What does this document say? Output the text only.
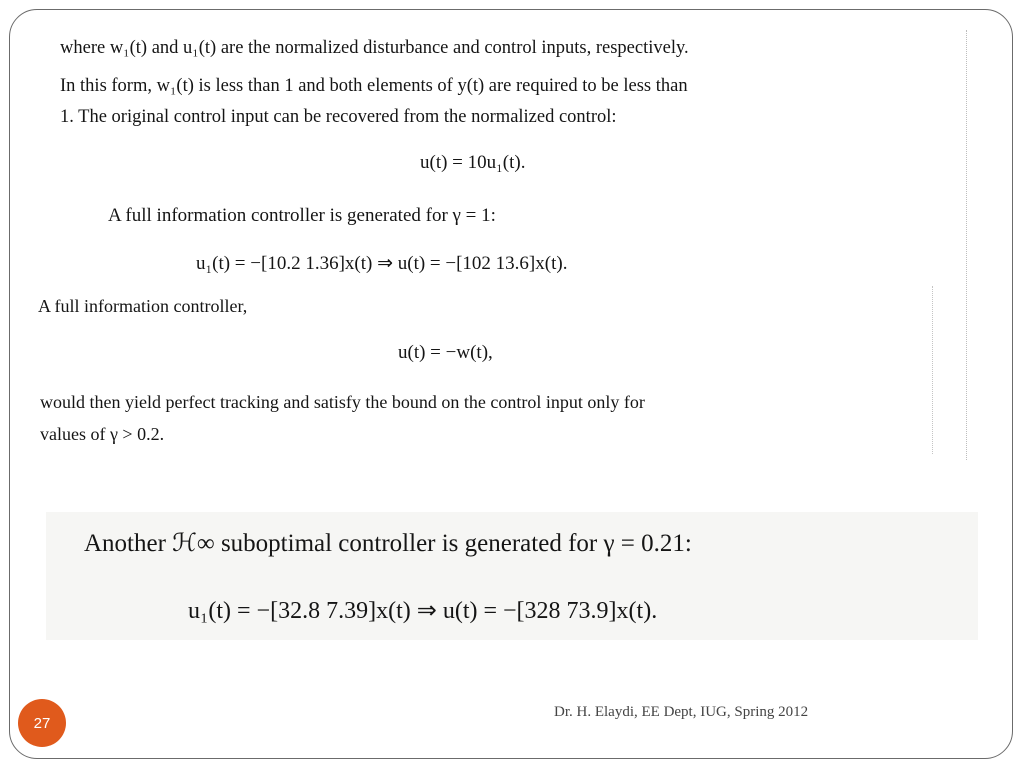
where w₁(t) and u₁(t) are the normalized disturbance and control inputs, respectively.
In this form, w₁(t) is less than 1 and both elements of y(t) are required to be less than
1. The original control input can be recovered from the normalized control:
u(t) = 10u₁(t).
A full information controller is generated for γ = 1:
u₁(t) = −[10.2 1.36]x(t) ⇒ u(t) = −[102 13.6]x(t).
A full information controller,
u(t) = −w(t),
would then yield perfect tracking and satisfy the bound on the control input only for
values of γ > 0.2.
Another ℋ∞ suboptimal controller is generated for γ = 0.21:
u₁(t) = −[32.8 7.39]x(t) ⇒ u(t) = −[328 73.9]x(t).
27
Dr. H. Elaydi, EE Dept, IUG, Spring 2012
